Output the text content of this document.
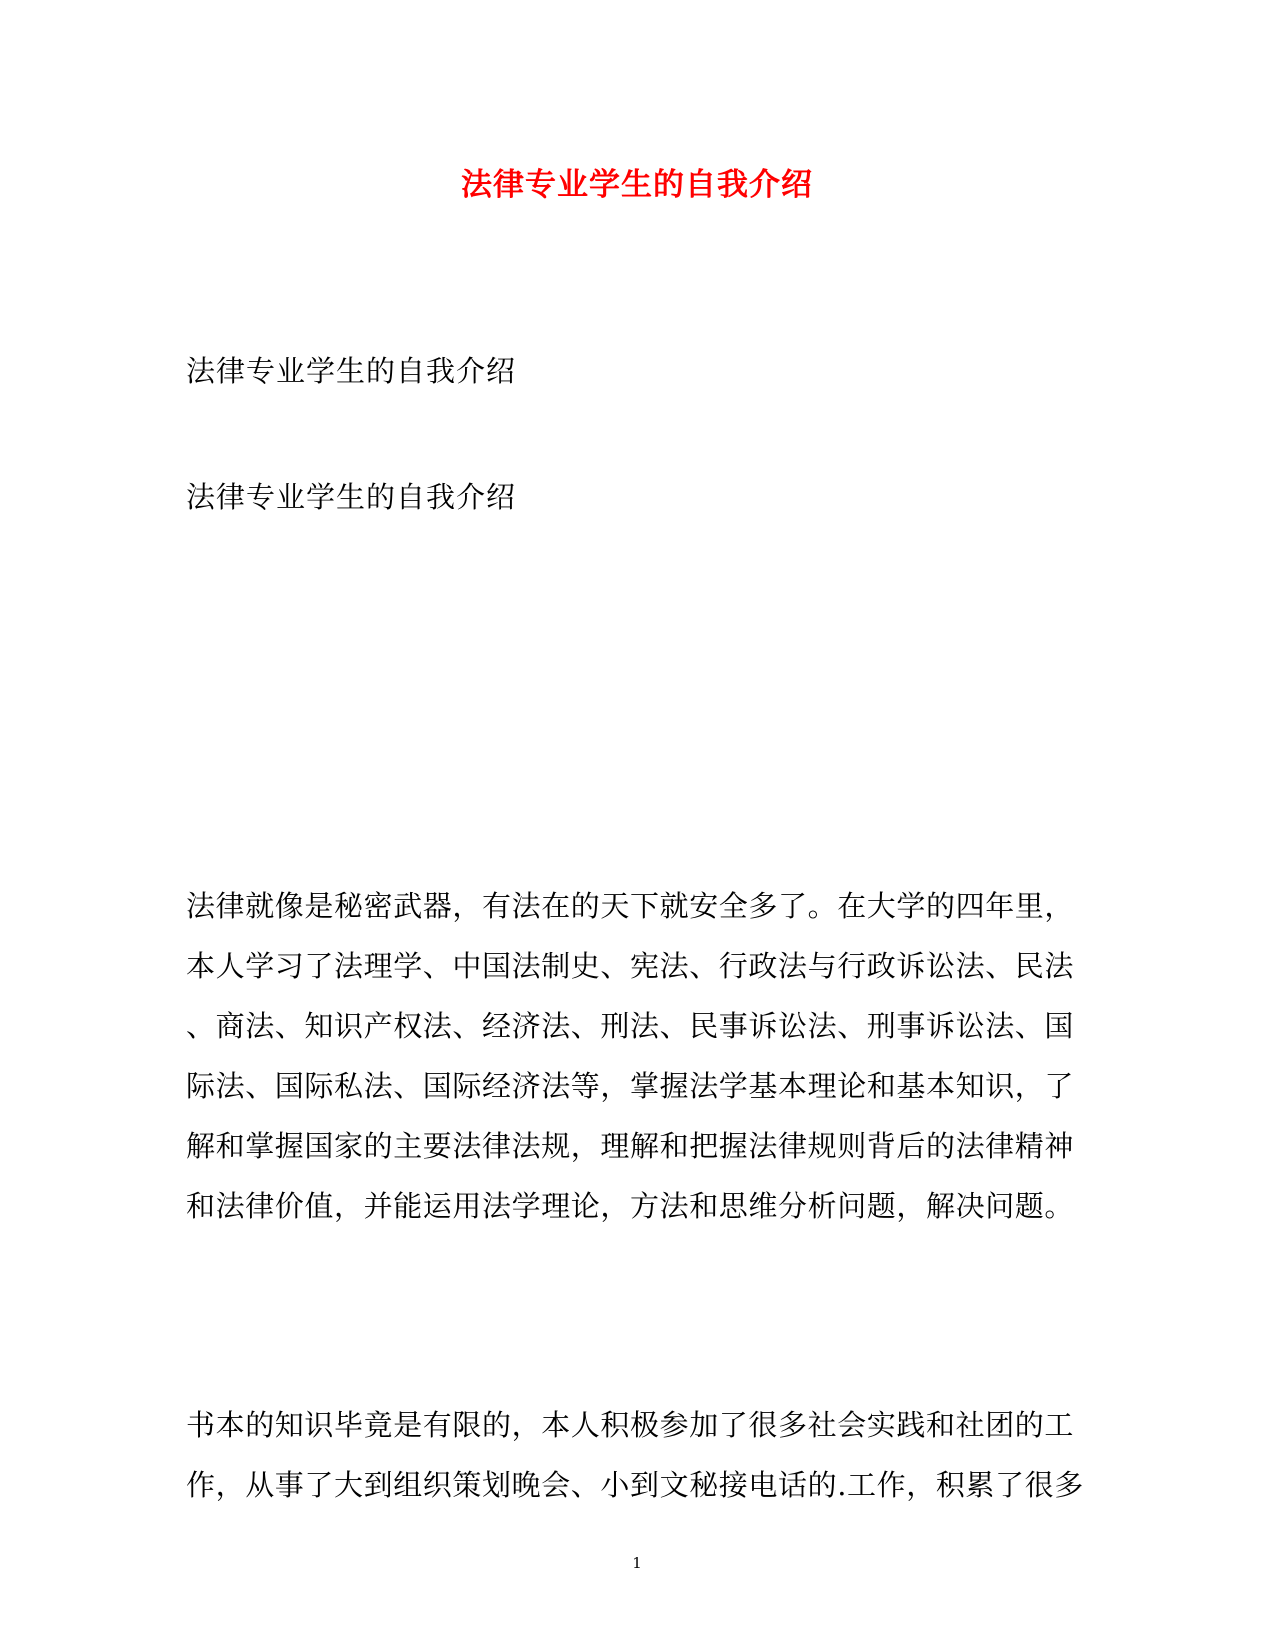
法律专业学生的自我介绍
法律专业学生的自我介绍
法律专业学生的自我介绍
法律就像是秘密武器，有法在的天下就安全多了。在大学的四年里，
本人学习了法理学、中国法制史、宪法、行政法与行政诉讼法、民法
、商法、知识产权法、经济法、刑法、民事诉讼法、刑事诉讼法、国
际法、国际私法、国际经济法等，掌握法学基本理论和基本知识，了
解和掌握国家的主要法律法规，理解和把握法律规则背后的法律精神
和法律价值，并能运用法学理论，方法和思维分析问题，解决问题。
书本的知识毕竟是有限的，本人积极参加了很多社会实践和社团的工
作，从事了大到组织策划晚会、小到文秘接电话的.工作，积累了很多
1
